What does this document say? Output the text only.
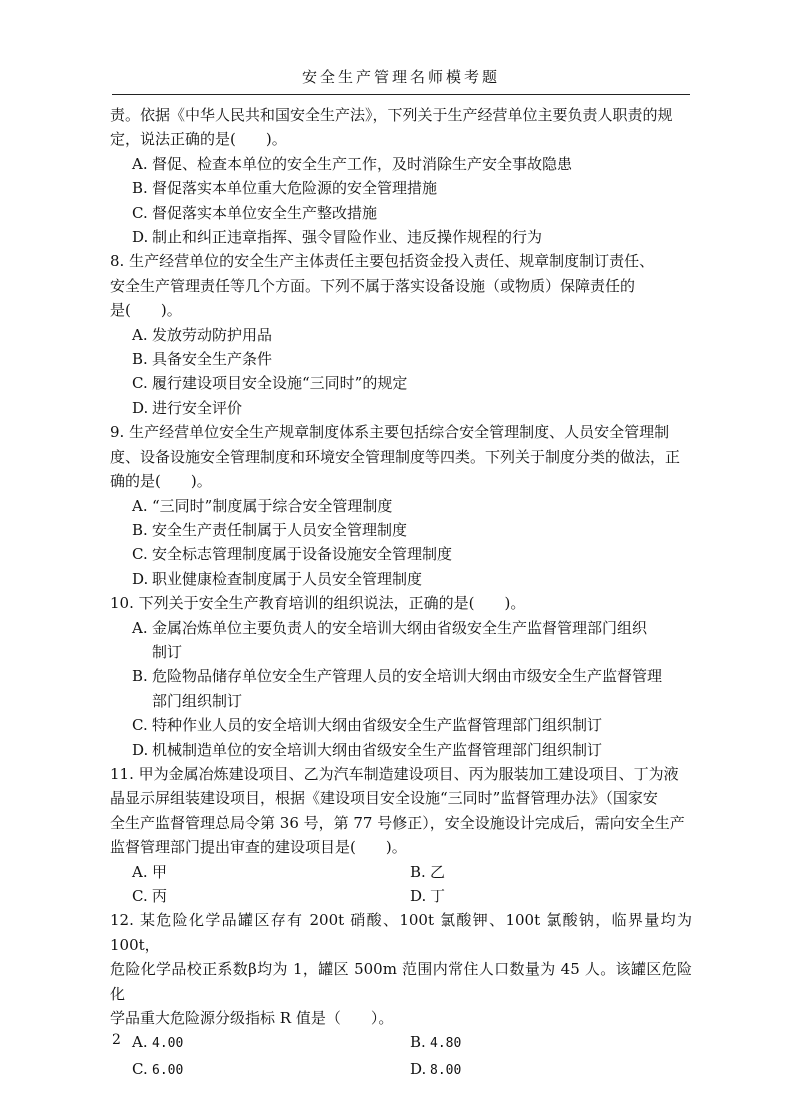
安全生产管理名师模考题
责。依据《中华人民共和国安全生产法》，下列关于生产经营单位主要负责人职责的规
定，说法正确的是(　　)。
A. 督促、检查本单位的安全生产工作，及时消除生产安全事故隐患
B. 督促落实本单位重大危险源的安全管理措施
C. 督促落实本单位安全生产整改措施
D. 制止和纠正违章指挥、强令冒险作业、违反操作规程的行为
8. 生产经营单位的安全生产主体责任主要包括资金投入责任、规章制度制订责任、
安全生产管理责任等几个方面。下列不属于落实设备设施（或物质）保障责任的
是(　　)。
A. 发放劳动防护用品
B. 具备安全生产条件
C. 履行建设项目安全设施“三同时”的规定
D. 进行安全评价
9. 生产经营单位安全生产规章制度体系主要包括综合安全管理制度、人员安全管理制
度、设备设施安全管理制度和环境安全管理制度等四类。下列关于制度分类的做法，正
确的是(　　)。
A. “三同时”制度属于综合安全管理制度
B. 安全生产责任制属于人员安全管理制度
C. 安全标志管理制度属于设备设施安全管理制度
D. 职业健康检查制度属于人员安全管理制度
10. 下列关于安全生产教育培训的组织说法，正确的是(　　)。
A. 金属冶炼单位主要负责人的安全培训大纲由省级安全生产监督管理部门组织
制订
B. 危险物品储存单位安全生产管理人员的安全培训大纲由市级安全生产监督管理
部门组织制订
C. 特种作业人员的安全培训大纲由省级安全生产监督管理部门组织制订
D. 机械制造单位的安全培训大纲由省级安全生产监督管理部门组织制订
11. 甲为金属冶炼建设项目、乙为汽车制造建设项目、丙为服装加工建设项目、丁为液
晶显示屏组装建设项目，根据《建设项目安全设施“三同时”监督管理办法》（国家安
全生产监督管理总局令第 36 号，第 77 号修正），安全设施设计完成后，需向安全生产
监督管理部门提出审查的建设项目是(　　)。
A. 甲	B. 乙
C. 丙	D. 丁
12. 某危险化学品罐区存有 200t 硝酸、100t 氯酸钾、100t 氯酸钠，临界量均为 100t，
危险化学品校正系数β均为 1，罐区 500m 范围内常住人口数量为 45 人。该罐区危险化
学品重大危险源分级指标 R 值是（　　）。
A. 4.00	B. 4.80
C. 6.00	D. 8.00
2
